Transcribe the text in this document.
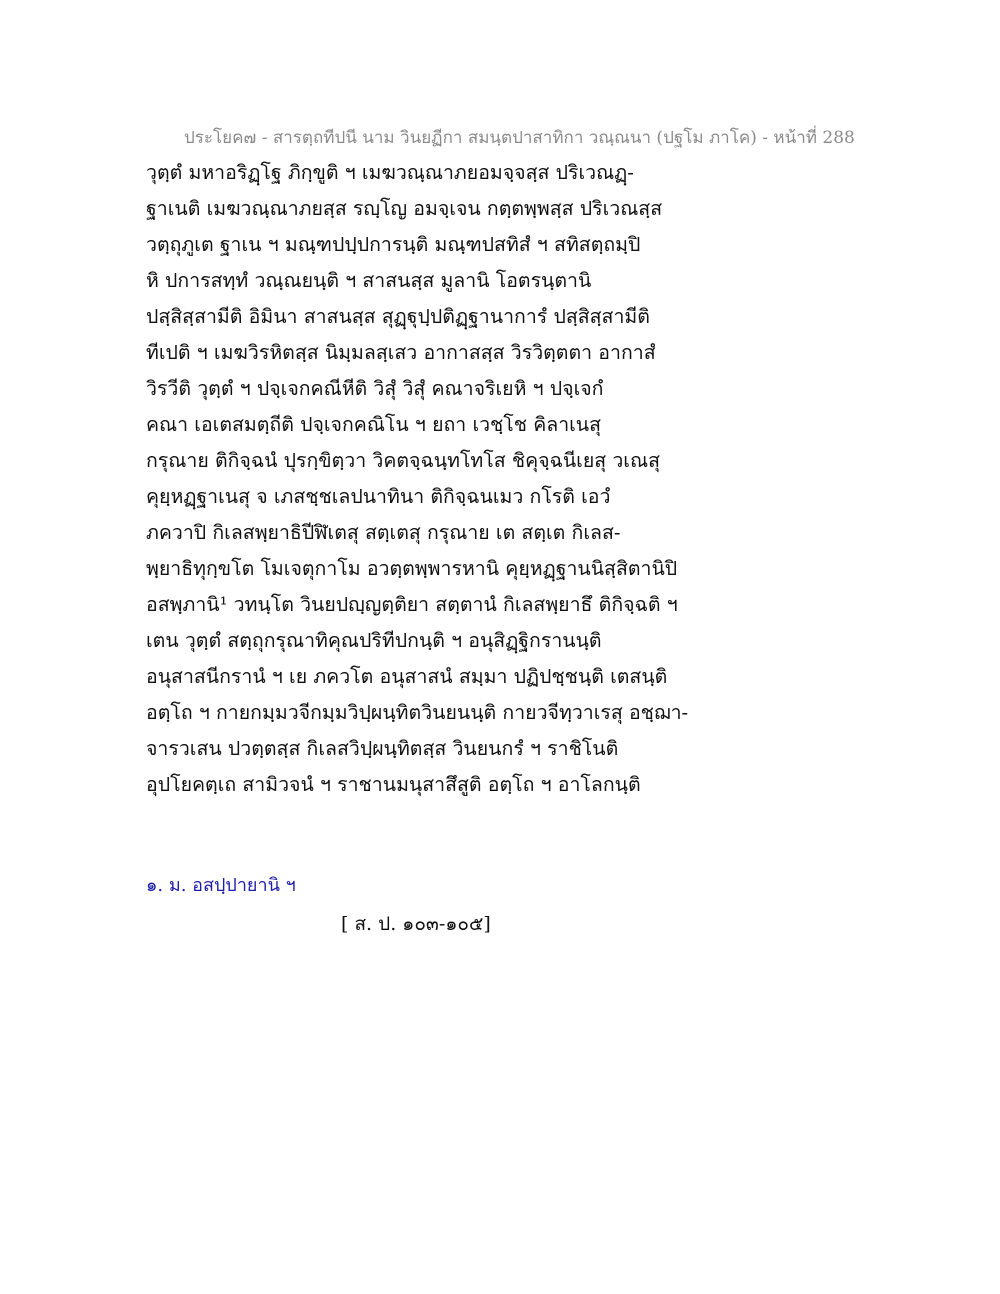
ประโยค๗ - สารตฺถทีปนี นาม วินยฏีกา สมนฺตปาสาทิกา วณฺณนา (ปฐโม ภาโค) - หน้าที่ 288
วุตฺตํ มหาอริฏฺโฐ ภิกฺขูติ ฯ เมฆวณฺณาภยอมจฺจสฺส ปริเวณฏฺ-
ฐาเนติ เมฆวณฺณาภยสฺส รญฺโญ อมจฺเจน กตฺตพฺพสฺส ปริเวณสฺส
วตฺถุภูเต ฐาเน ฯ มณฺฑปปฺปการนฺติ มณฺฑปสทิสํ ฯ สทิสตฺถมฺปิ
หิ ปการสทฺทํ วณฺณยนฺติ ฯ สาสนสฺส มูลานิ โอตรนฺตานิ
ปสฺสิสฺสามีติ อิมินา สาสนสฺส สุฏฺฐุปฺปติฏฺฐานาการํ ปสฺสิสฺสามีติ
ทีเปติ ฯ เมฆวิรหิตสฺส นิมฺมลสฺเสว อากาสสฺส วิรวิตฺตตา อากาสํ
วิรวีติ วุตฺตํ ฯ ปจฺเจกคณีหีติ วิสุํ วิสุํ คณาจริเยหิ ฯ ปจฺเจกํ
คณา เอเตสมตฺถีติ ปจฺเจกคณิโน ฯ ยถา เวชฺโช คิลาเนสุ
กรุณาย ติกิจฺฉนํ ปุรกฺขิตฺวา วิคตจฺฉนฺทโทโส ชิคุจฺฉนีเยสุ วเณสุ
คุยฺหฏฺฐาเนสุ จ เภสชฺชเลปนาทินา ติกิจฺฉนเมว กโรติ เอวํ
ภควาปิ กิเลสพฺยาธิปีฬิเตสุ สตฺเตสุ กรุณาย เต สตฺเต กิเลส-
พฺยาธิทุกฺขโต โมเจตุกาโม อวตฺตพฺพารหานิ คุยฺหฏฺฐานนิสฺสิตานิปิ
อสพฺภานิ¹ วทนฺโต วินยปญฺญตฺติยา สตฺตานํ กิเลสพฺยาธึ ติกิจฺฉติ ฯ
เตน วุตฺตํ สตฺถุกรุณาทิคุณปริทีปกนฺติ ฯ อนุสิฏฺฐิกรานนฺติ
อนุสาสนีกรานํ ฯ เย ภควโต อนุสาสนํ สมฺมา ปฏิปชฺชนฺติ เตสนฺติ
อตฺโถ ฯ กายกมฺมวจีกมฺมวิปฺผนฺทิตวินยนนฺติ กายวจีทฺวาเรสุ อชฺฌา-
จารวเสน ปวตฺตสฺส กิเลสวิปฺผนฺทิตสฺส วินยนกรํ ฯ ราชิโนติ
อุปโยคตฺเถ สามิวจนํ ฯ ราชานมนุสาสึสูติ อตฺโถ ฯ อาโลกนฺติ
๑. ม. อสปฺปายานิ ฯ
[ ส. ป. ๑๐๓-๑๐๕]
